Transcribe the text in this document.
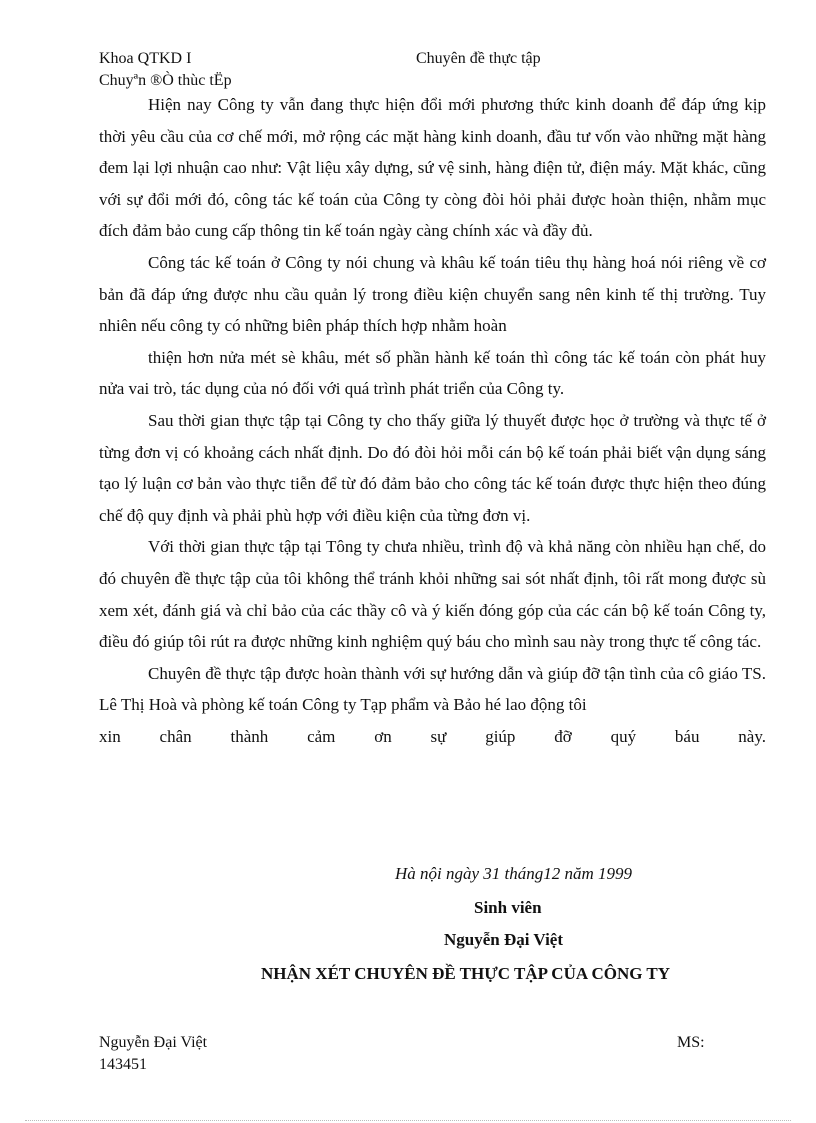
Khoa QTKD I	Chuyên đề thực tập
Chuyªn ®Ò thùc tËp

Hiện nay Công ty vẫn đang thực hiện đổi mới phương thức kinh doanh để đáp ứng kịp thời yêu cầu của cơ chế mới, mở rộng các mặt hàng kinh doanh, đầu tư vốn vào những mặt hàng đem lại lợi nhuận cao như: Vật liệu xây dựng, sứ vệ sinh, hàng điện tử, điện máy. Mặt khác, cũng với sự đổi mới đó, công tác kế toán của Công ty còng đòi hỏi phải được hoàn thiện, nhằm mục đích đảm bảo cung cấp thông tin kế toán ngày càng chính xác và đầy đủ.

Công tác kế toán ở Công ty nói chung và khâu kế toán tiêu thụ hàng hoá nói riêng về cơ bản đã đáp ứng được nhu cầu quản lý trong điều kiện chuyển sang nên kinh tế thị trường. Tuy nhiên nếu công ty có những biên pháp thích hợp nhằm hoàn

thiện hơn nửa mét sè khâu, mét số phần hành kế toán thì công tác kế toán còn phát huy nửa vai trò, tác dụng của nó đối với quá trình phát triển của Công ty.

Sau thời gian thực tập tại Công ty cho thấy giữa lý thuyết được học ở trường và thực tế ở từng đơn vị có khoảng cách nhất định. Do đó đòi hỏi mỗi cán bộ kế toán phải biết vận dụng sáng tạo lý luận cơ bản vào thực tiễn để từ đó đảm bảo cho công tác kế toán được thực hiện theo đúng chế độ quy định và phải phù hợp với điều kiện của từng đơn vị.

Với thời gian thực tập tại Tông ty chưa nhiều, trình độ và khả năng còn nhiều hạn chế, do đó chuyên đề thực tập của tôi không thể tránh khỏi những sai sót nhất định, tôi rất mong được sù xem xét, đánh giá và chỉ bảo của các thầy cô và ý kiến đóng góp của các cán bộ kế toán Công ty, điều đó giúp tôi rút ra được những kinh nghiệm quý báu cho mình sau này trong thực tế công tác.

Chuyên đề thực tập được hoàn thành với sự hướng dẫn và giúp đỡ tận tình của cô giáo TS. Lê Thị Hoà và phòng kế toán Công ty Tạp phẩm và Bảo hé lao động tôi

xin chân thành cảm ơn sự giúp đỡ quý báu này.

Hà nội ngày 31 tháng12 năm 1999
Sinh viên
Nguyễn Đại Việt
NHẬN XÉT CHUYÊN ĐỀ THỰC TẬP CỦA CÔNG TY
Nguyễn Đại Việt	MS:
143451
